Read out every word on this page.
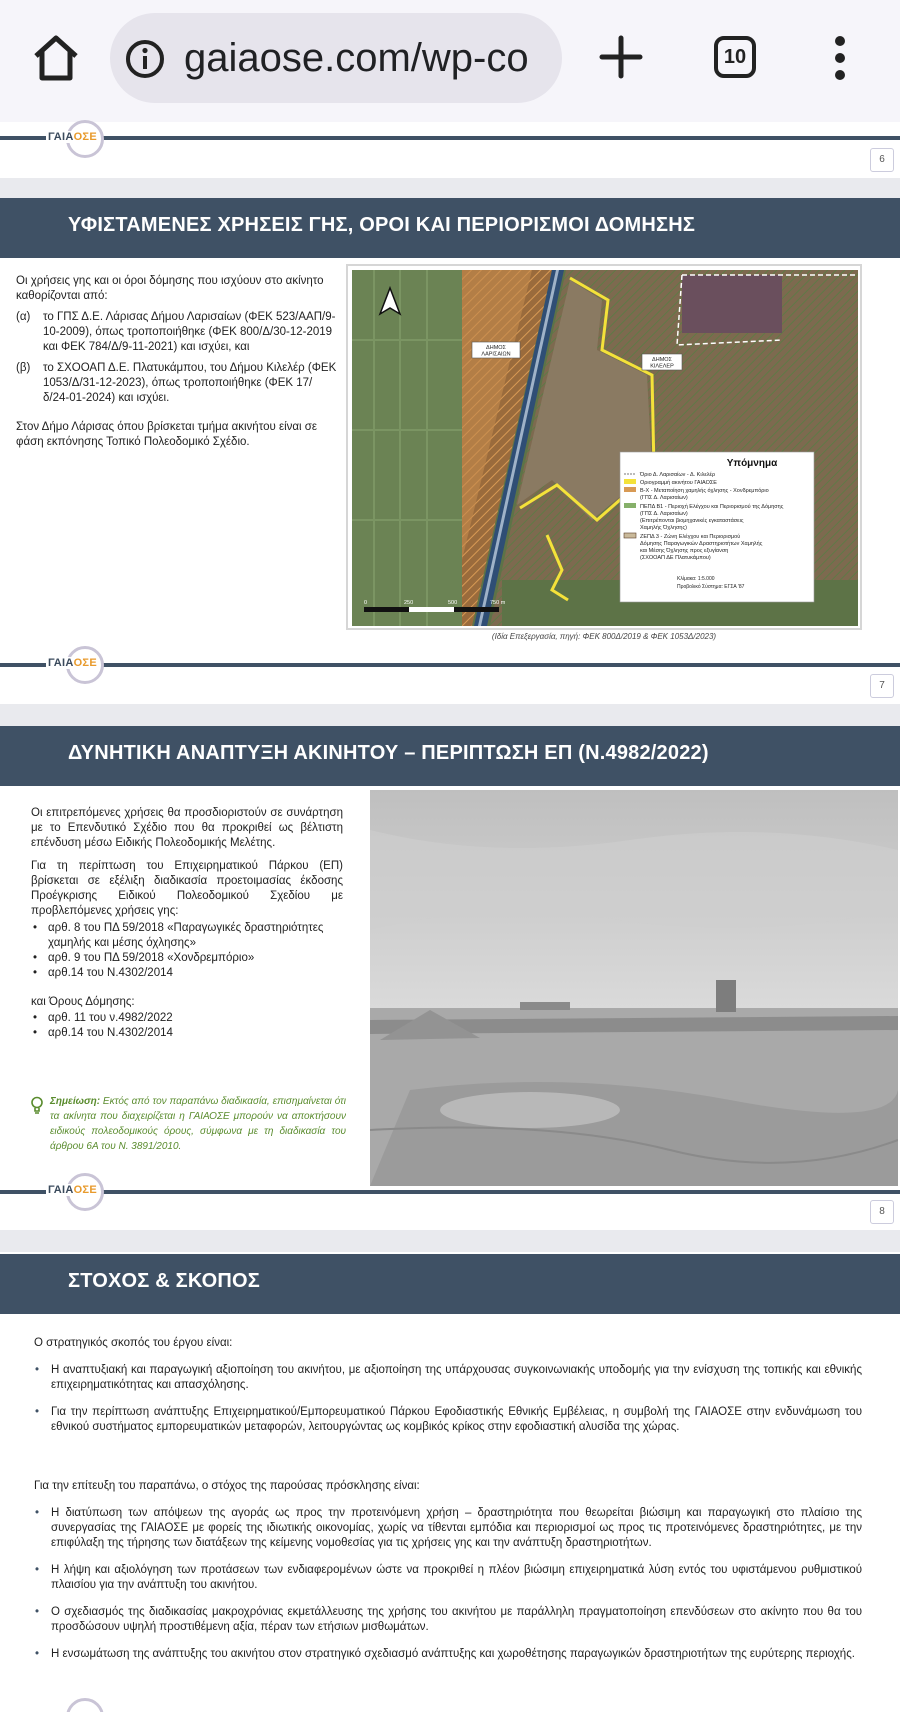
gaiaose.com/wp-co	10
ΓΑΙΑΟΣΕ
6
ΥΦΙΣΤΑΜΕΝΕΣ ΧΡΗΣΕΙΣ ΓΗΣ, ΟΡΟΙ ΚΑΙ ΠΕΡΙΟΡΙΣΜΟΙ ΔΟΜΗΣΗΣ

Οι χρήσεις γης και οι όροι δόμησης που ισχύουν στο ακίνητο καθορίζονται από:

(α)	το ΓΠΣ Δ.Ε. Λάρισας Δήμου Λαρισαίων (ΦΕΚ 523/ΑΑΠ/9-10-2009), όπως τροποποιήθηκε (ΦΕΚ 800/Δ/30-12-2019 και ΦΕΚ 784/Δ/9-11-2021) και ισχύει, και
(β)	το ΣΧΟΟΑΠ Δ.Ε. Πλατυκάμπου, του Δήμου Κιλελέρ (ΦΕΚ 1053/Δ/31-12-2023), όπως τροποποιήθηκε (ΦΕΚ 17/δ/24-01-2024) και ισχύει.

Στον Δήμο Λάρισας όπου βρίσκεται τμήμα ακινήτου είναι σε φάση εκπόνησης Τοπικό Πολεοδομικό Σχέδιο.

ΔΗΜΟΣ
ΛΑΡΙΣΑΙΩΝ
ΔΗΜΟΣ
ΚΙΛΕΛΕΡ
Υπόμνημα
Όριο Δ. Λαρισαίων - Δ. Κιλελέρ
Οριογραμμή ακινήτου ΓΑΙΑΟΣΕ
Β-Χ - Μεταποίηση χαμηλής όχλησης - Χονδρεμπόριο
(ΓΠΣ Δ. Λαρισαίων)
ΠΕΠΔ Β1 - Περιοχή Ελέγχου και Περιορισμού της Δόμησης
(ΓΠΣ Δ. Λαρισαίων)
(Επιτρέπονται βιομηχανικές εγκαταστάσεις
Χαμηλής Όχλησης)
ΖΕΠΔ 3 - Ζώνη Ελέγχου και Περιορισμού
Δόμησης Παραγωγικών Δραστηριοτήτων Χαμηλής
και Μέσης Όχλησης προς εξυγίανση
(ΣΧΟΟΑΠ ΔΕ Πλατυκάμπου)
Κλίμακα: 1:5.000
Προβολικό Σύστημα: ΕΓΣΑ '87
0	250	500	750 m
(Ιδία Επεξεργασία, πηγή: ΦΕΚ 800Δ/2019 & ΦΕΚ 1053Δ/2023)
ΓΑΙΑΟΣΕ
7
ΔΥΝΗΤΙΚΗ ΑΝΑΠΤΥΞΗ ΑΚΙΝΗΤΟΥ – ΠΕΡΙΠΤΩΣΗ ΕΠ (Ν.4982/2022)

Οι επιτρεπόμενες χρήσεις θα προσδιοριστούν σε συνάρτηση με το Επενδυτικό Σχέδιο που θα προκριθεί ως βέλτιστη επένδυση μέσω Ειδικής Πολεοδομικής Μελέτης.

Για τη περίπτωση του Επιχειρηματικού Πάρκου (ΕΠ) βρίσκεται σε εξέλιξη διαδικασία προετοιμασίας έκδοσης Προέγκρισης Ειδικού Πολεοδομικού Σχεδίου με προβλεπόμενες χρήσεις γης:

• αρθ. 8 του ΠΔ 59/2018 «Παραγωγικές δραστηριότητες χαμηλής και μέσης όχλησης»
• αρθ. 9 του ΠΔ 59/2018 «Χονδρεμπόριο»
• αρθ.14 του Ν.4302/2014

και Όρους Δόμησης:

• αρθ. 11 του ν.4982/2022
• αρθ.14 του Ν.4302/2014
Σημείωση: Εκτός από τον παραπάνω διαδικασία, επισημαίνεται ότι τα ακίνητα που διαχειρίζεται η ΓΑΙΑΟΣΕ μπορούν να αποκτήσουν ειδικούς πολεοδομικούς όρους, σύμφωνα με τη διαδικασία του άρθρου 6Α του Ν. 3891/2010.
ΓΑΙΑΟΣΕ
8
ΣΤΟΧΟΣ & ΣΚΟΠΟΣ

Ο στρατηγικός σκοπός του έργου είναι:

• Η αναπτυξιακή και παραγωγική αξιοποίηση του ακινήτου, με αξιοποίηση της υπάρχουσας συγκοινωνιακής υποδομής για την ενίσχυση της τοπικής και εθνικής επιχειρηματικότητας και απασχόλησης.
• Για την περίπτωση ανάπτυξης Επιχειρηματικού/Εμπορευματικού Πάρκου Εφοδιαστικής Εθνικής Εμβέλειας, η συμβολή της ΓΑΙΑΟΣΕ στην ενδυνάμωση του εθνικού συστήματος εμπορευματικών μεταφορών, λειτουργώντας ως κομβικός κρίκος στην εφοδιαστική αλυσίδα της χώρας.

Για την επίτευξη του παραπάνω, ο στόχος της παρούσας πρόσκλησης είναι:

• Η διατύπωση των απόψεων της αγοράς ως προς την προτεινόμενη χρήση – δραστηριότητα που θεωρείται βιώσιμη και παραγωγική στο πλαίσιο της συνεργασίας της ΓΑΙΑΟΣΕ με φορείς της ιδιωτικής οικονομίας, χωρίς να τίθενται εμπόδια και περιορισμοί ως προς τις προτεινόμενες δραστηριότητες, με την επιφύλαξη της τήρησης των διατάξεων της κείμενης νομοθεσίας για τις χρήσεις γης και την ανάπτυξη δραστηριοτήτων.
• Η λήψη και αξιολόγηση των προτάσεων των ενδιαφερομένων ώστε να προκριθεί η πλέον βιώσιμη επιχειρηματικά λύση εντός του υφιστάμενου ρυθμιστικού πλαισίου για την ανάπτυξη του ακινήτου.
• Ο σχεδιασμός της διαδικασίας μακροχρόνιας εκμετάλλευσης της χρήσης του ακινήτου με παράλληλη πραγματοποίηση επενδύσεων στο ακίνητο που θα του προσδώσουν υψηλή προστιθέμενη αξία, πέραν των ετήσιων μισθωμάτων.
• Η ενσωμάτωση της ανάπτυξης του ακινήτου στον στρατηγικό σχεδιασμό ανάπτυξης και χωροθέτησης παραγωγικών δραστηριοτήτων της ευρύτερης περιοχής.
